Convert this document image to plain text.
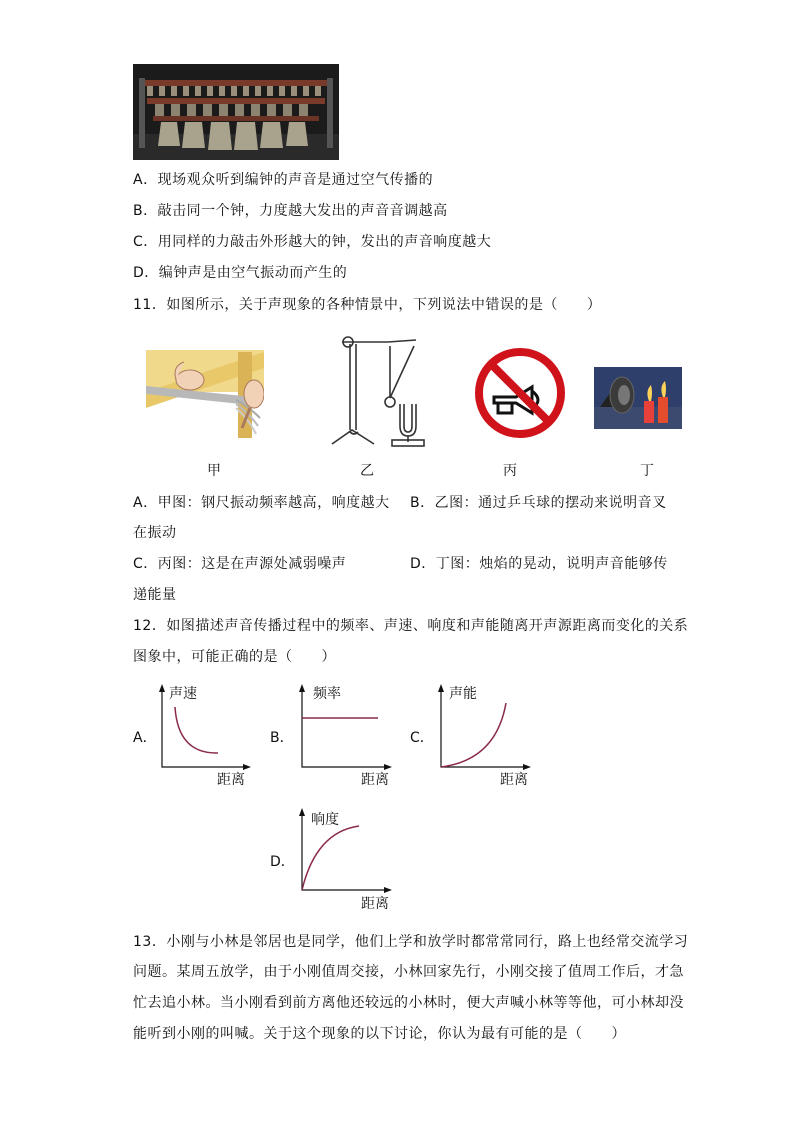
A．现场观众听到编钟的声音是通过空气传播的
B．敲击同一个钟，力度越大发出的声音音调越高
C．用同样的力敲击外形越大的钟，发出的声音响度越大
D．编钟声是由空气振动而产生的
11．如图所示，关于声现象的各种情景中，下列说法中错误的是（　　）
甲	乙	丙	丁
A．甲图：钢尺振动频率越高，响度越大 B．乙图：通过乒乓球的摆动来说明音叉
在振动
C．丙图：这是在声源处减弱噪声	D．丁图：烛焰的晃动，说明声音能够传
递能量
12．如图描述声音传播过程中的频率、声速、响度和声能随离开声源距离而变化的关系
图象中，可能正确的是（　　）
A．
声速
距离
B．
频率
距离
C．
声能
距离
D．
响度
距离
13．小刚与小林是邻居也是同学，他们上学和放学时都常常同行，路上也经常交流学习
问题。某周五放学，由于小刚值周交接，小林回家先行，小刚交接了值周工作后，才急
忙去追小林。当小刚看到前方离他还较远的小林时，便大声喊小林等等他，可小林却没
能听到小刚的叫喊。关于这个现象的以下讨论，你认为最有可能的是（　　）
